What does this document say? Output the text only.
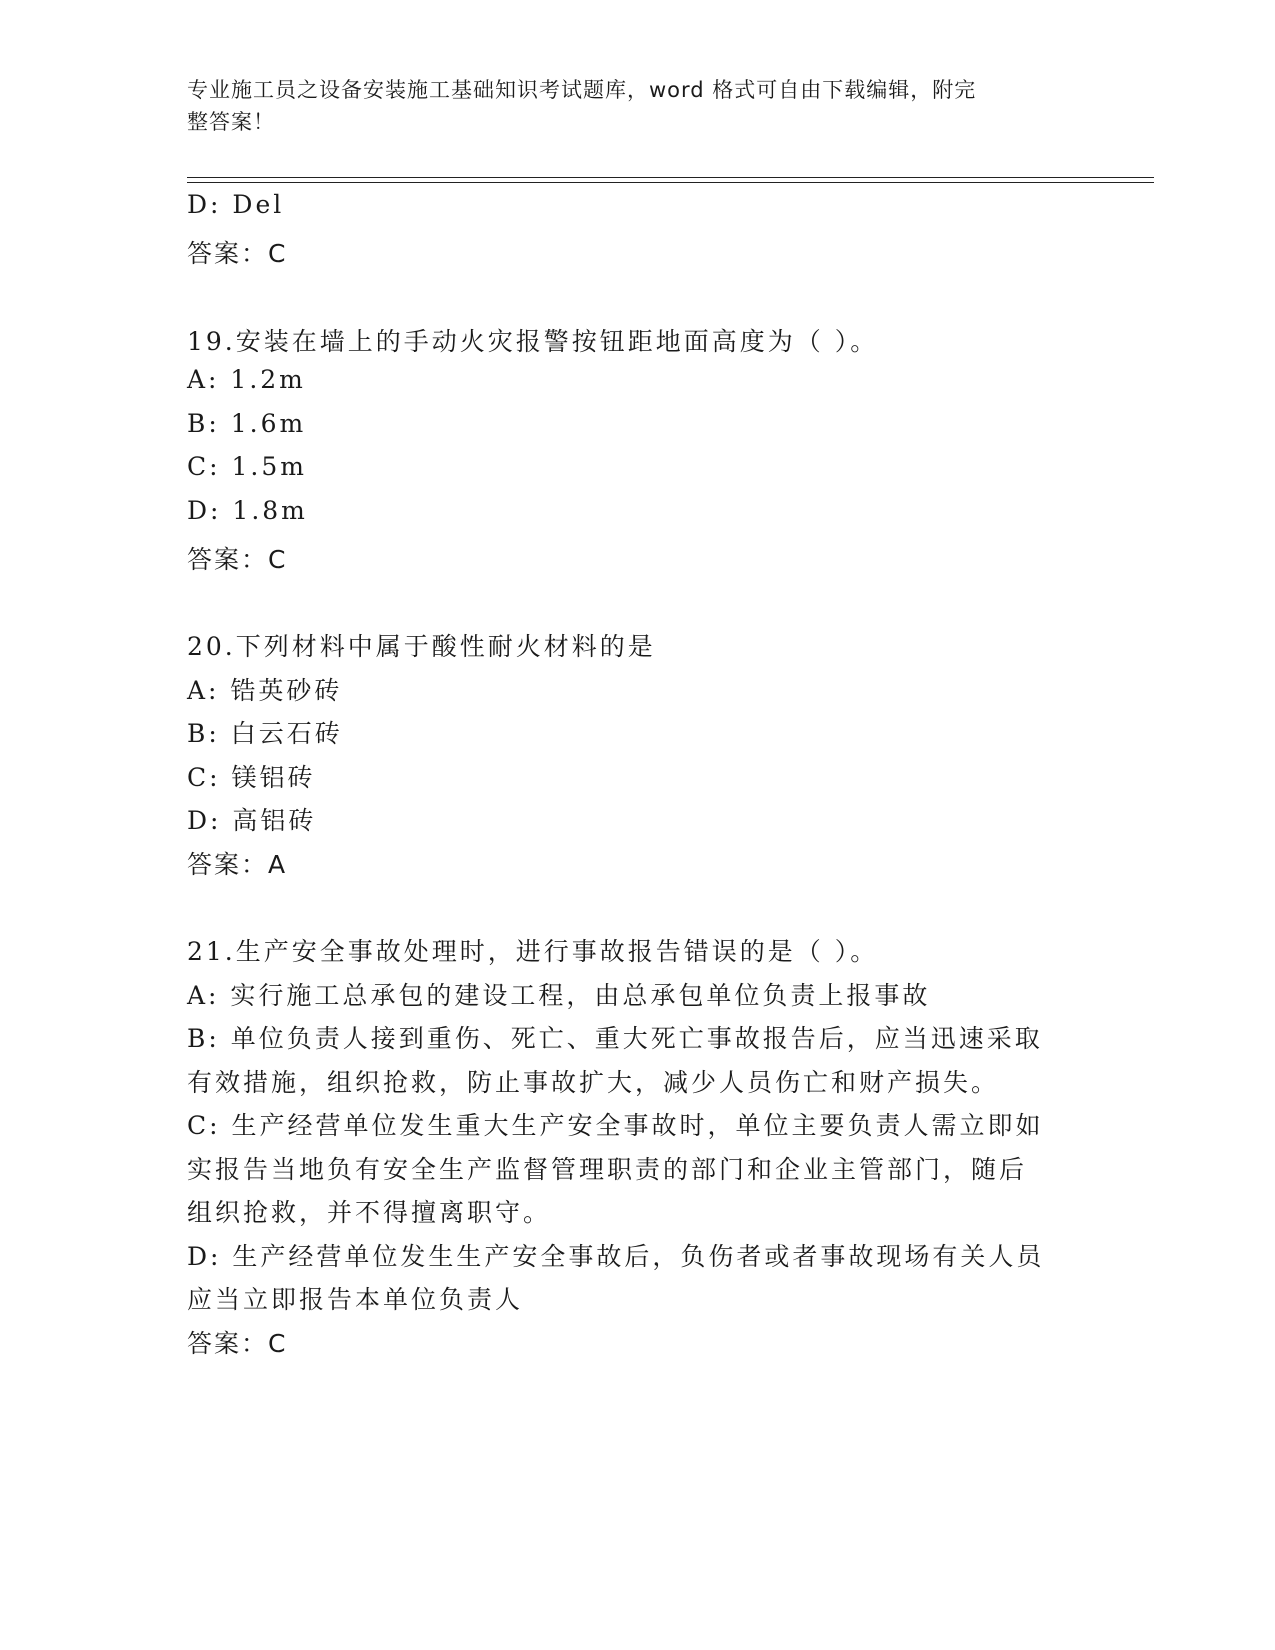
专业施工员之设备安装施工基础知识考试题库，word 格式可自由下载编辑，附完
整答案！
D: Del
答案：C
19.安装在墙上的手动火灾报警按钮距地面高度为（ ）。
A: 1.2m
B: 1.6m
C: 1.5m
D: 1.8m
答案：C
20.下列材料中属于酸性耐火材料的是
A: 锆英砂砖
B: 白云石砖
C: 镁铝砖
D: 高铝砖
答案：A
21.生产安全事故处理时，进行事故报告错误的是（ ）。
A: 实行施工总承包的建设工程，由总承包单位负责上报事故
B: 单位负责人接到重伤、死亡、重大死亡事故报告后，应当迅速采取
有效措施，组织抢救，防止事故扩大，减少人员伤亡和财产损失。
C: 生产经营单位发生重大生产安全事故时，单位主要负责人需立即如
实报告当地负有安全生产监督管理职责的部门和企业主管部门，随后
组织抢救，并不得擅离职守。
D: 生产经营单位发生生产安全事故后，负伤者或者事故现场有关人员
应当立即报告本单位负责人
答案：C
